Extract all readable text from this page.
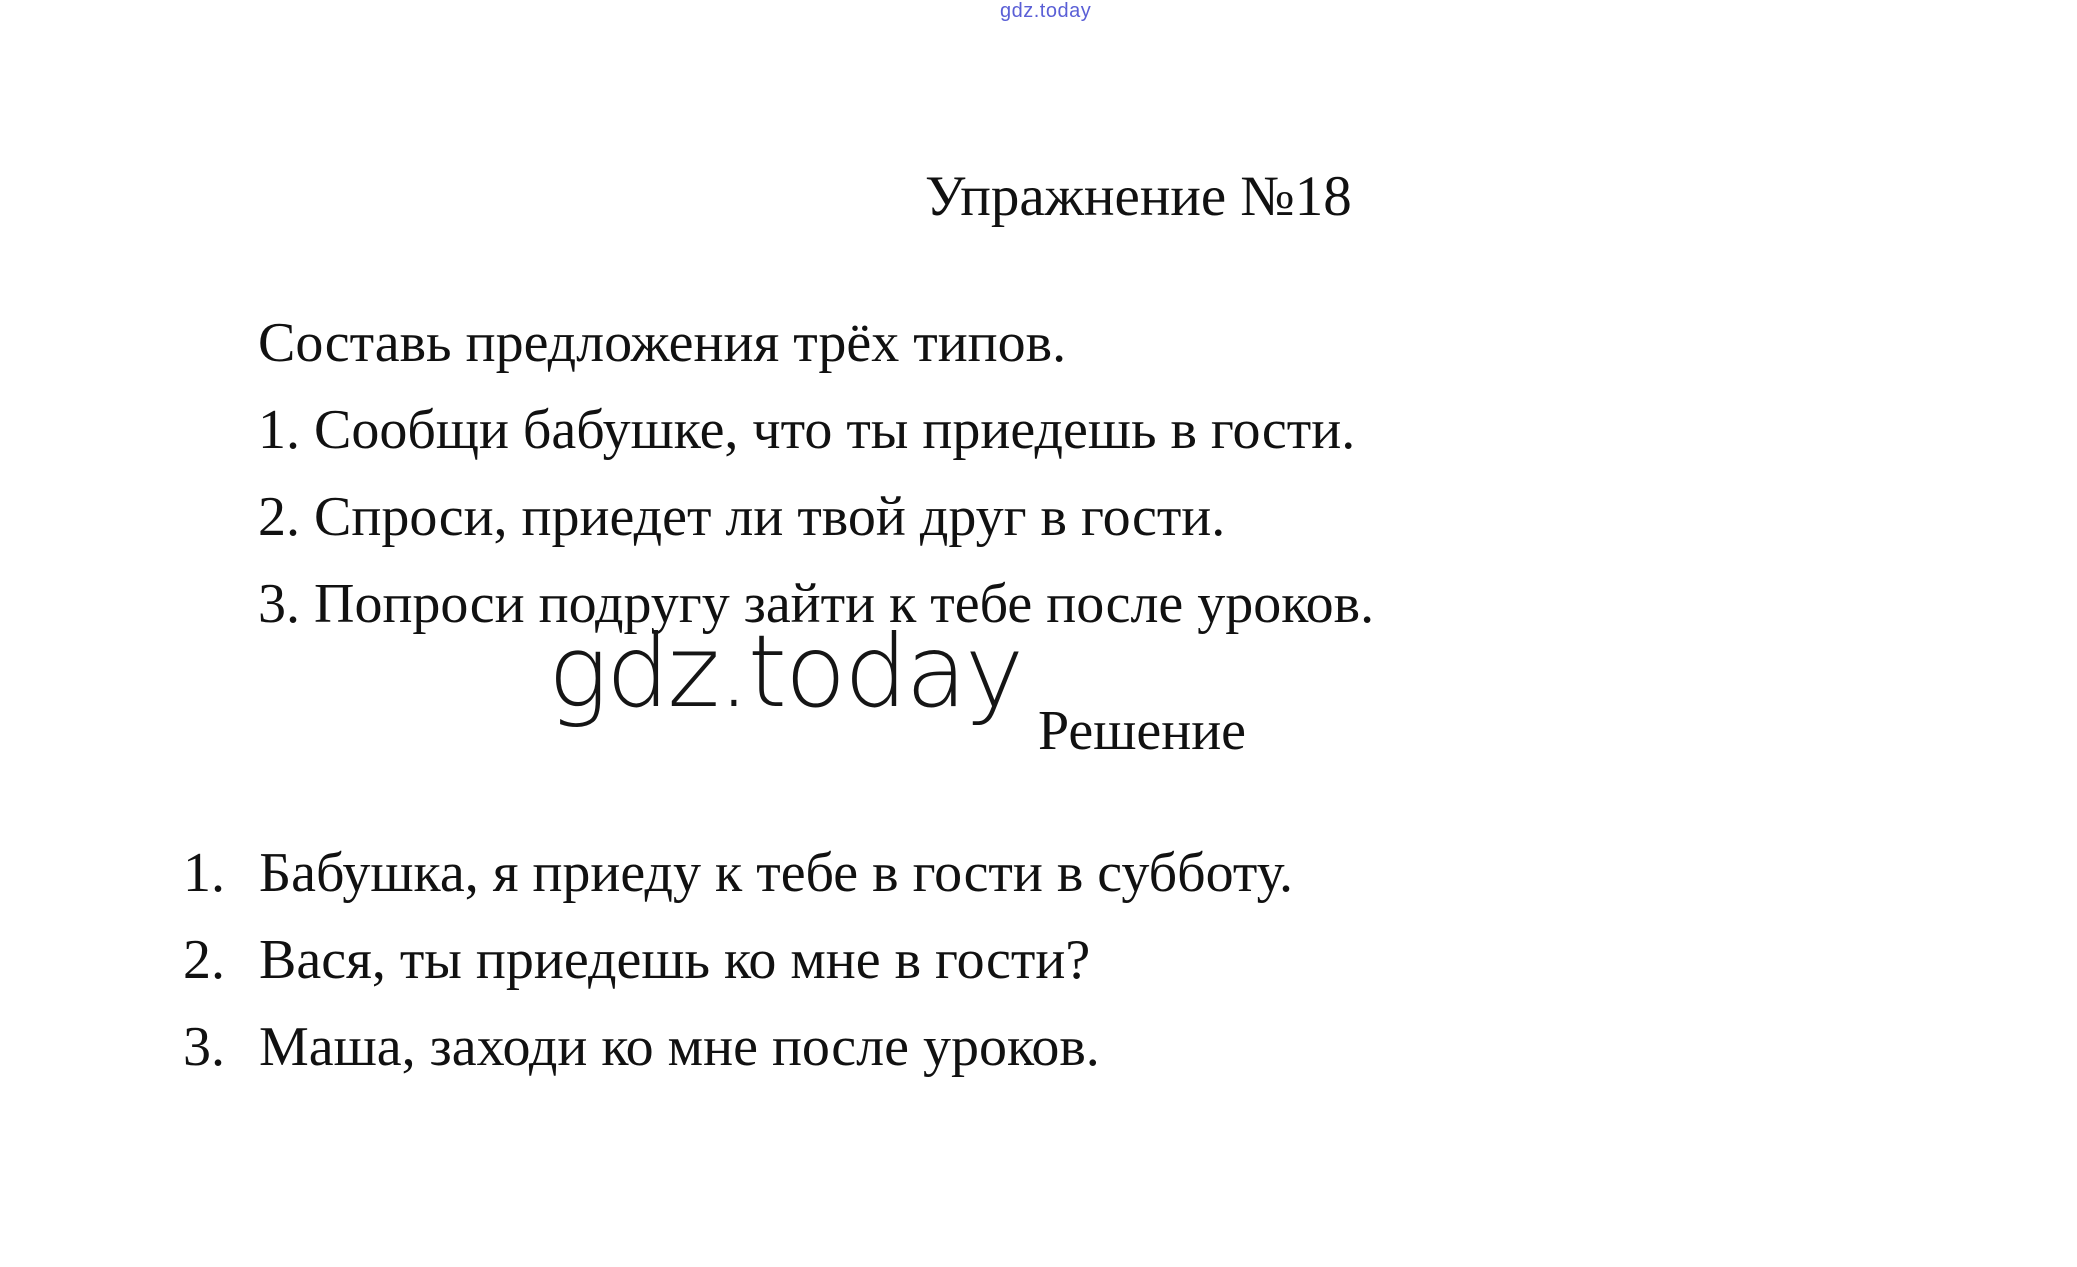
gdz.today
Упражнение №18
Составь предложения трёх типов.
1. Сообщи бабушке, что ты приедешь в гости.
2. Спроси, приедет ли твой друг в гости.
3. Попроси подругу зайти к тебе после уроков.
gdz.today
Решение
1. Бабушка, я приеду к тебе в гости в субботу.
2. Вася, ты приедешь ко мне в гости?
3. Маша, заходи ко мне после уроков.
